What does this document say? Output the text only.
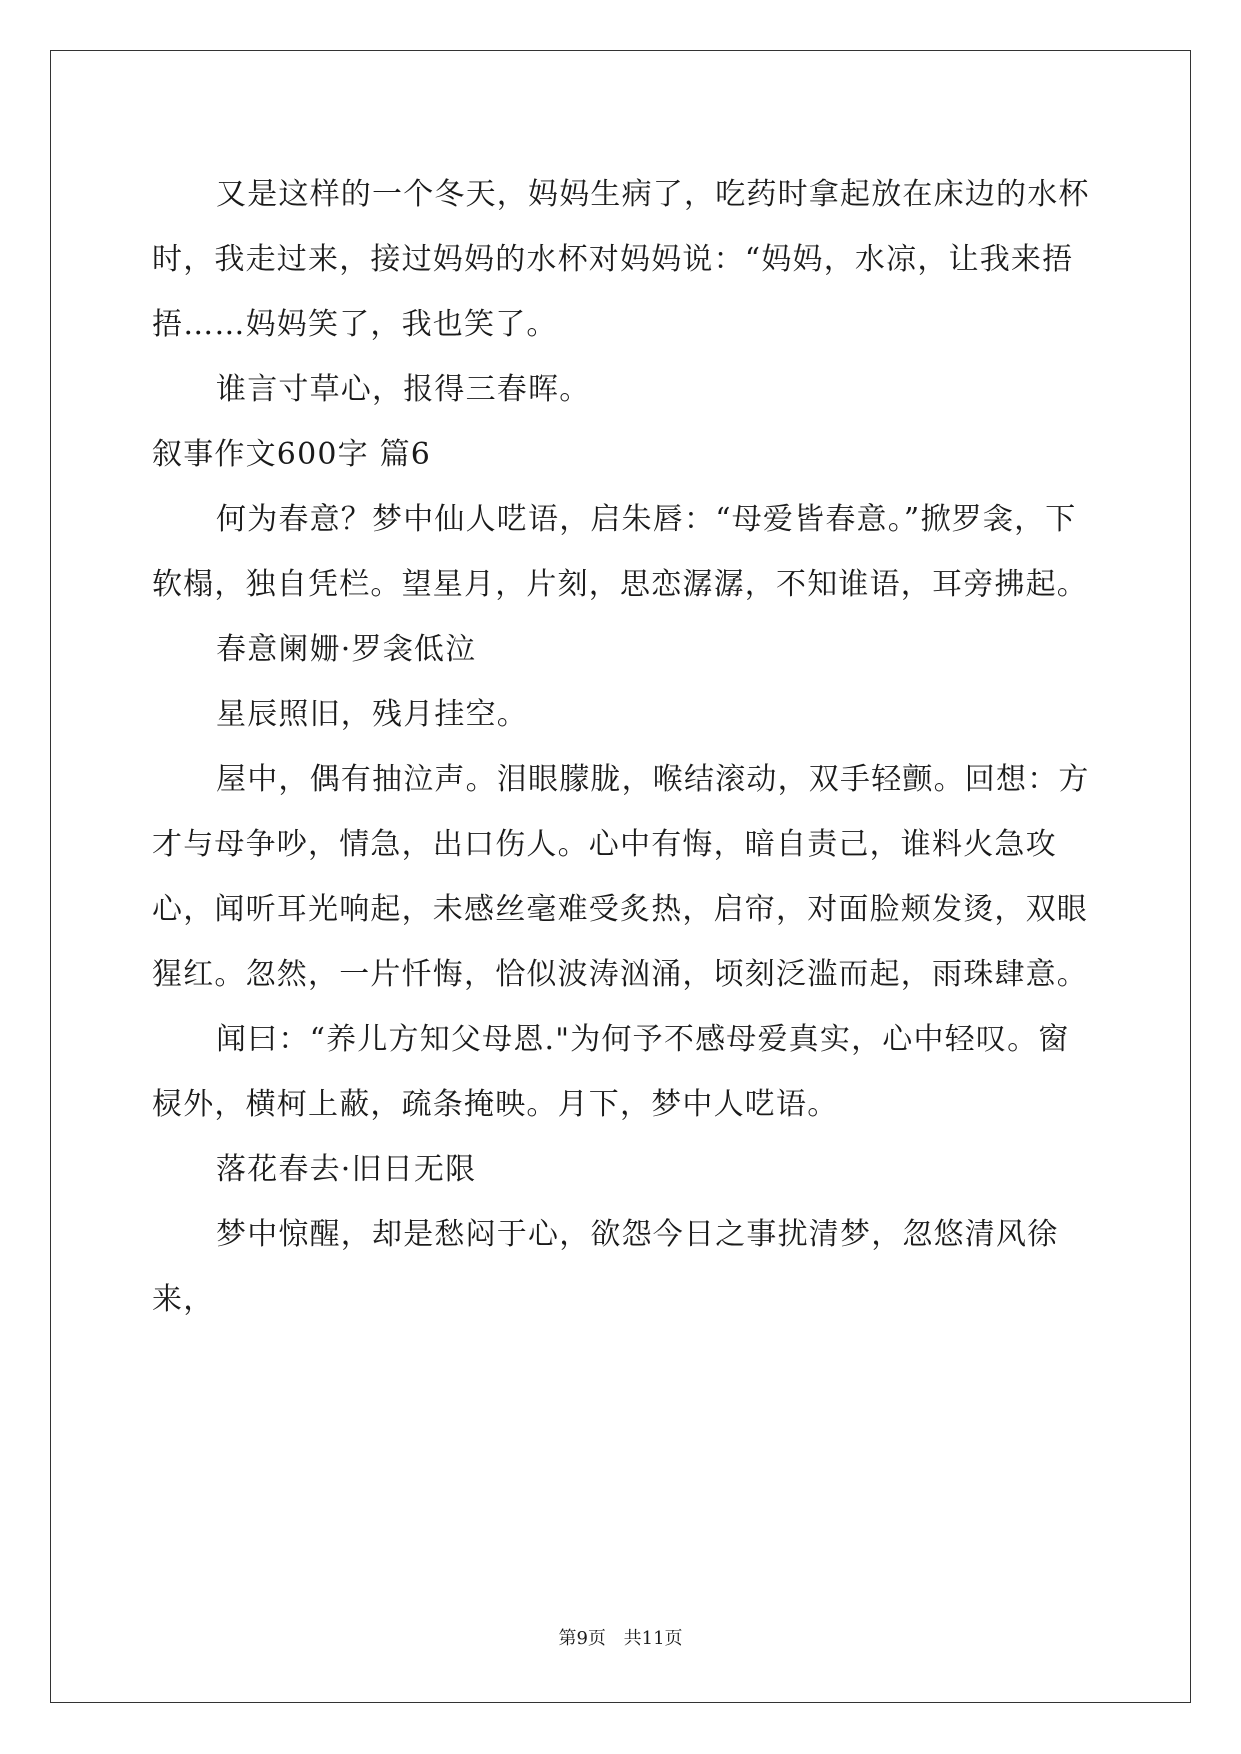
又是这样的一个冬天，妈妈生病了，吃药时拿起放在床边的水杯时，我走过来，接过妈妈的水杯对妈妈说：“妈妈，水凉，让我来捂捂……妈妈笑了，我也笑了。

谁言寸草心，报得三春晖。

叙事作文600字 篇6

何为春意？梦中仙人呓语，启朱唇：“母爱皆春意。”掀罗衾，下软榻，独自凭栏。望星月，片刻，思恋潺潺，不知谁语，耳旁拂起。

春意阑姗·罗衾低泣

星辰照旧，残月挂空。

屋中，偶有抽泣声。泪眼朦胧，喉结滚动，双手轻颤。回想：方才与母争吵，情急，出口伤人。心中有悔，暗自责己，谁料火急攻心，闻听耳光响起，未感丝毫难受炙热，启帘，对面脸颊发烫，双眼猩红。忽然，一片忏悔，恰似波涛汹涌，顷刻泛滥而起，雨珠肆意。

闻曰：“养儿方知父母恩."为何予不感母爱真实，心中轻叹。窗棂外，横柯上蔽，疏条掩映。月下，梦中人呓语。

落花春去·旧日无限

梦中惊醒，却是愁闷于心，欲怨今日之事扰清梦，忽悠清风徐来，

第9页 共11页
